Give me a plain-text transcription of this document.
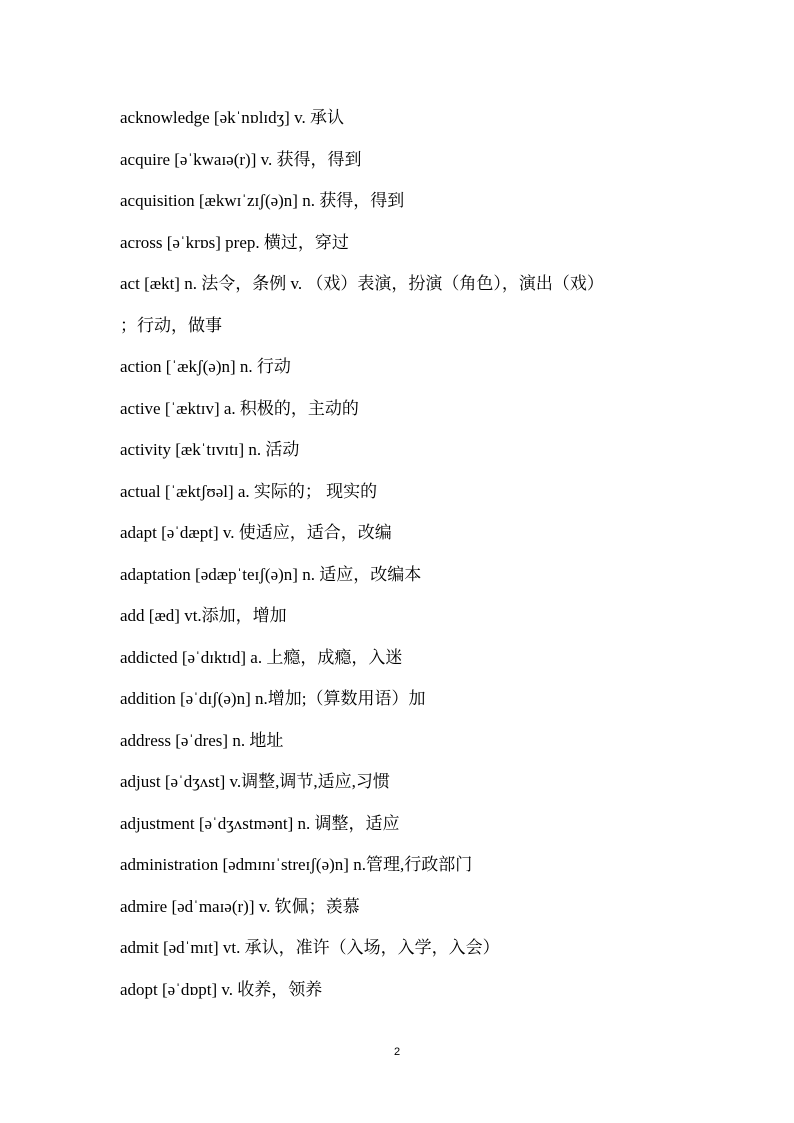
acknowledge [əkˈnɒlɪdʒ] v. 承认
acquire [əˈkwaɪə(r)] v. 获得，得到
acquisition [ækwɪˈzɪʃ(ə)n] n. 获得，得到
across [əˈkrɒs] prep. 横过，穿过
act [ækt] n. 法令，条例 v. （戏）表演，扮演（角色），演出（戏）
；行动，做事
action [ˈækʃ(ə)n] n. 行动
active [ˈæktɪv] a. 积极的，主动的
activity [ækˈtɪvɪtɪ] n. 活动
actual [ˈæktʃʊəl] a. 实际的； 现实的
adapt [əˈdæpt] v. 使适应，适合，改编
adaptation [ədæpˈteɪʃ(ə)n] n. 适应，改编本
add [æd] vt.添加，增加
addicted [əˈdɪktɪd] a. 上瘾，成瘾，入迷
addition [əˈdɪʃ(ə)n] n.增加;（算数用语）加
address [əˈdres] n. 地址
adjust [əˈdʒʌst] v.调整,调节,适应,习惯
adjustment [əˈdʒʌstmənt] n. 调整，适应
administration [ədmɪnɪˈstreɪʃ(ə)n] n.管理,行政部门
admire [ədˈmaɪə(r)] v. 钦佩；羡慕
admit [ədˈmɪt] vt. 承认，准许（入场，入学，入会）
adopt [əˈdɒpt] v. 收养，领养
2
